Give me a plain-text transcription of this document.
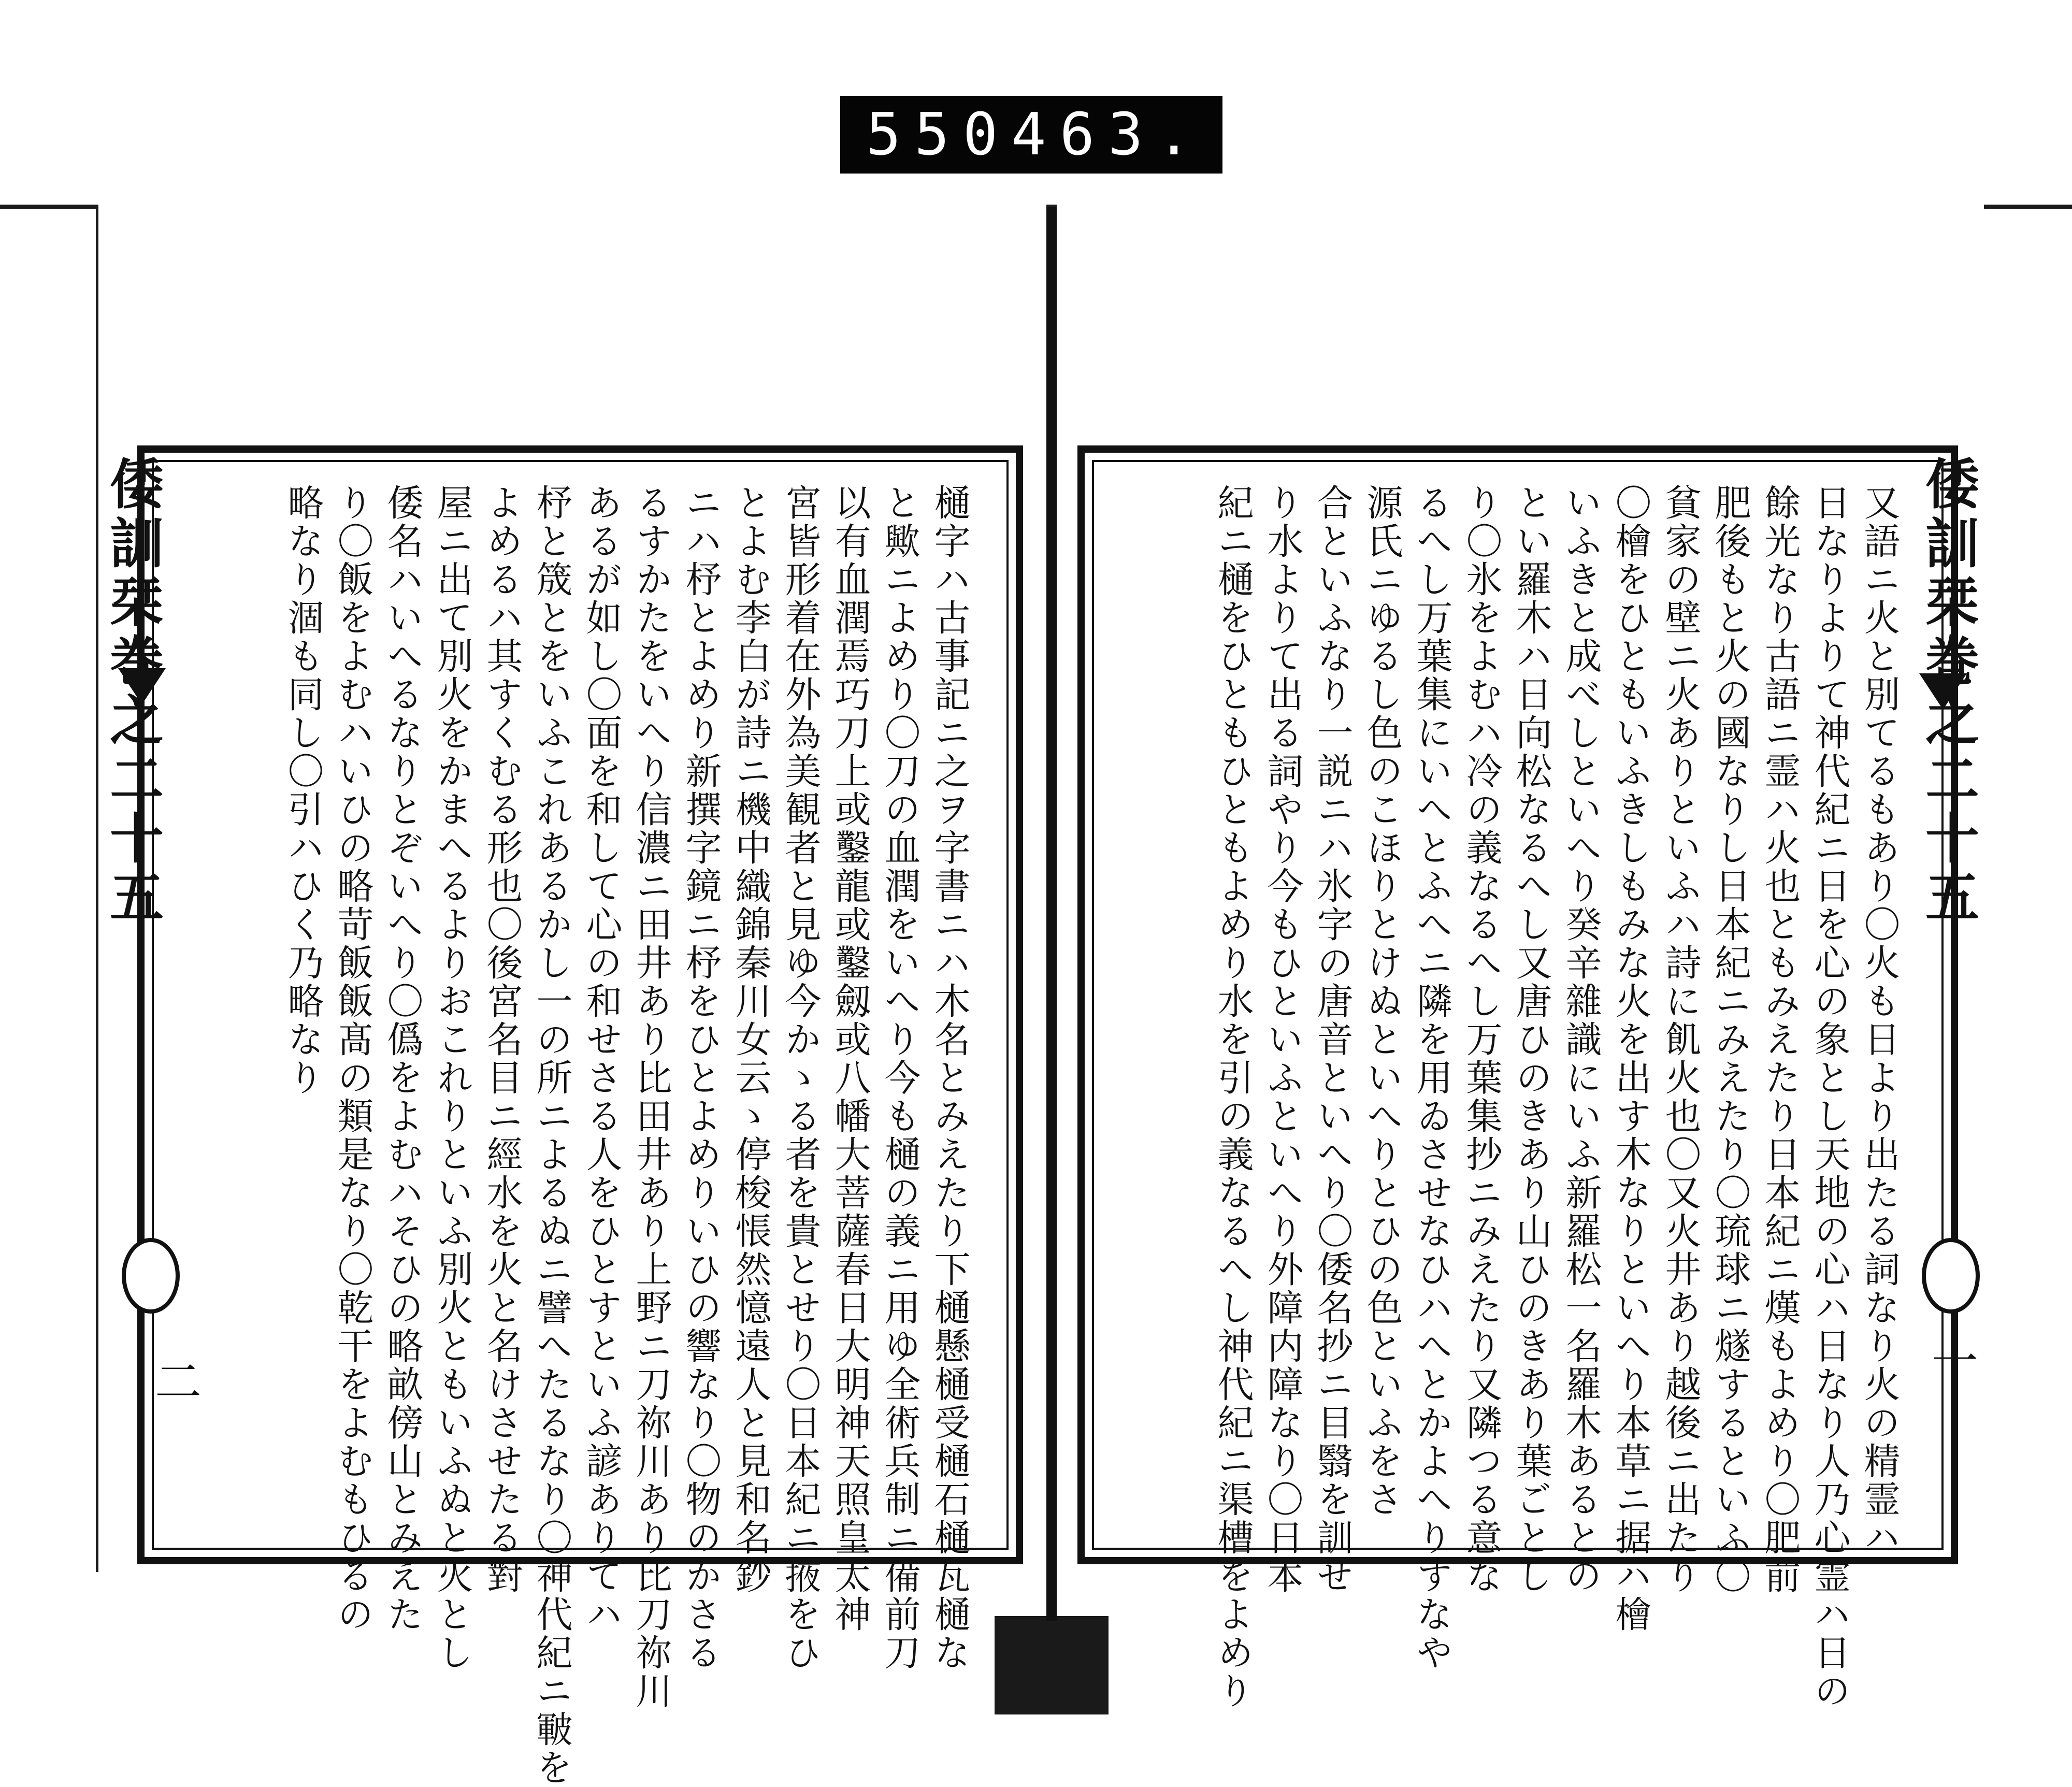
550 463.
樋字ハ古事記ニ之ヲ字書ニハ木名とみえたり下樋懸樋受樋石樋瓦樋な
と歟ニよめり〇刀の血潤をいへり今も樋の義ニ用ゆ全術兵制ニ備前刀
以有血潤焉巧刀上或鑿龍或鑿劔或八幡大菩薩春日大明神天照皇太神
宮皆形着在外為美観者と見ゆ今かゝる者を貴とせり〇日本紀ニ掖をひ
とよむ李白が詩ニ機中織錦秦川女云ゝ停梭悵然憶遠人と見和名鈔
ニハ杼とよめり新撰字鏡ニ杼をひとよめりいひの響なり〇物のかさる
るすかたをいへり信濃ニ田井あり比田井あり上野ニ刀祢川あり比刀祢川
あるが如し〇面を和して心の和せさる人をひとすといふ諺ありてハ
杼と筬とをいふこれあるかし一の所ニよるぬニ譬へたるなり〇神代紀ニ皸を
よめるハ其すくむる形也〇後宮名目ニ經水を火と名けさせたる對
屋ニ出て別火をかまへるよりおこれりといふ別火ともいふぬと火とし
倭名ハいへるなりとぞいへり〇僞をよむハそひの略畝傍山とみえた
り〇飯をよむハいひの略苛飯飯髙の類是なり〇乾干をよむもひるの
略なり涸も同し〇引ハひく乃略なり	又語ニ火と別てるもあり〇火も日より出たる詞なり火の精霊ハ
日なりよりて神代紀ニ日を心の象とし天地の心ハ日なり人乃心霊ハ日の
餘光なり古語ニ霊ハ火也ともみえたり日本紀ニ熯もよめり〇肥前
肥後もと火の國なりし日本紀ニみえたり〇琉球ニ燧するといふ〇
貧家の壁ニ火ありといふハ詩に飢火也〇又火井あり越後ニ出たり
〇檜をひともいふきしもみな火を出す木なりといへり本草ニ据ハ檜
いふきと成べしといへり癸辛雜識にいふ新羅松一名羅木あるとの
とい羅木ハ日向松なるへし又唐ひのきあり山ひのきあり葉ごとし
り〇氷をよむハ冷の義なるへし万葉集抄ニみえたり又隣つる意な
るへし万葉集にいへとふへニ隣を用ゐさせなひハへとかよへりすなや
源氏ニゆるし色のこほりとけぬといへりとひの色といふをさ
合といふなり一説ニハ氷字の唐音といへり〇倭名抄ニ目翳を訓せ
り水よりて出る詞やり今もひといふといへり外障内障なり〇日本
紀ニ樋をひともひともよめり水を引の義なるへし神代紀ニ渠槽をよめり
倭訓栞巻之二十五	倭訓栞巻之二十五
二	一
